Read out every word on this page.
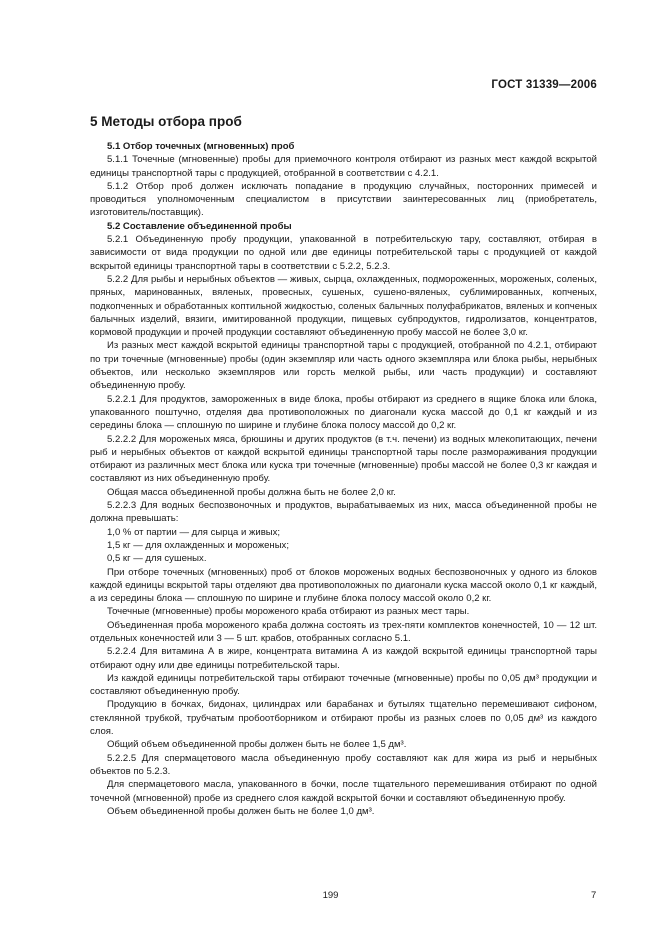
ГОСТ 31339—2006
5 Методы отбора проб

5.1 Отбор точечных (мгновенных) проб

5.1.1 Точечные (мгновенные) пробы для приемочного контроля отбирают из разных мест каждой вскрытой единицы транспортной тары с продукцией, отобранной в соответствии с 4.2.1.

5.1.2 Отбор проб должен исключать попадание в продукцию случайных, посторонних примесей и проводиться уполномоченным специалистом в присутствии заинтересованных лиц (приобретатель, изготовитель/поставщик).

5.2 Составление объединенной пробы

5.2.1 Объединенную пробу продукции, упакованной в потребительскую тару, составляют, отбирая в зависимости от вида продукции по одной или две единицы потребительской тары с продукцией от каждой вскрытой единицы транспортной тары в соответствии с 5.2.2, 5.2.3.

5.2.2 Для рыбы и нерыбных объектов — живых, сырца, охлажденных, подмороженных, мороженых, соленых, пряных, маринованных, вяленых, провесных, сушеных, сушено-вяленых, сублимированных, копченых, подкопченных и обработанных коптильной жидкостью, соленых балычных полуфабрикатов, вяленых и копченых балычных изделий, вязиги, имитированной продукции, пищевых субпродуктов, гидролизатов, концентратов, кормовой продукции и прочей продукции составляют объединенную пробу массой не более 3,0 кг.

Из разных мест каждой вскрытой единицы транспортной тары с продукцией, отобранной по 4.2.1, отбирают по три точечные (мгновенные) пробы (один экземпляр или часть одного экземпляра или блока рыбы, нерыбных объектов, или несколько экземпляров или горсть мелкой рыбы, или часть продукции) и составляют объединенную пробу.

5.2.2.1 Для продуктов, замороженных в виде блока, пробы отбирают из среднего в ящике блока или блока, упакованного поштучно, отделяя два противоположных по диагонали куска массой до 0,1 кг каждый и из середины блока — сплошную по ширине и глубине блока полосу массой до 0,2 кг.

5.2.2.2 Для мороженых мяса, брюшины и других продуктов (в т.ч. печени) из водных млекопитающих, печени рыб и нерыбных объектов от каждой вскрытой единицы транспортной тары после размораживания продукции отбирают из различных мест блока или куска три точечные (мгновенные) пробы массой не более 0,3 кг каждая и составляют из них объединенную пробу.

Общая масса объединенной пробы должна быть не более 2,0 кг.

5.2.2.3 Для водных беспозвоночных и продуктов, вырабатываемых из них, масса объединенной пробы не должна превышать:

1,0 % от партии — для сырца и живых;

1,5 кг — для охлажденных и мороженых;

0,5 кг — для сушеных.

При отборе точечных (мгновенных) проб от блоков мороженых водных беспозвоночных у одного из блоков каждой единицы вскрытой тары отделяют два противоположных по диагонали куска массой около 0,1 кг каждый, а из середины блока — сплошную по ширине и глубине блока полосу массой около 0,2 кг.

Точечные (мгновенные) пробы мороженого краба отбирают из разных мест тары.

Объединенная проба мороженого краба должна состоять из трех-пяти комплектов конечностей, 10 — 12 шт. отдельных конечностей или 3 — 5 шт. крабов, отобранных согласно 5.1.

5.2.2.4 Для витамина А в жире, концентрата витамина А из каждой вскрытой единицы транспортной тары отбирают одну или две единицы потребительской тары.

Из каждой единицы потребительской тары отбирают точечные (мгновенные) пробы по 0,05 дм³ продукции и составляют объединенную пробу.

Продукцию в бочках, бидонах, цилиндрах или барабанах и бутылях тщательно перемешивают сифоном, стеклянной трубкой, трубчатым пробоотборником и отбирают пробы из разных слоев по 0,05 дм³ из каждого слоя.

Общий объем объединенной пробы должен быть не более 1,5 дм³.

5.2.2.5 Для спермацетового масла объединенную пробу составляют как для жира из рыб и нерыбных объектов по 5.2.3.

Для спермацетового масла, упакованного в бочки, после тщательного перемешивания отбирают по одной точечной (мгновенной) пробе из среднего слоя каждой вскрытой бочки и составляют объединенную пробу.

Объем объединенной пробы должен быть не более 1,0 дм³.

199	7
